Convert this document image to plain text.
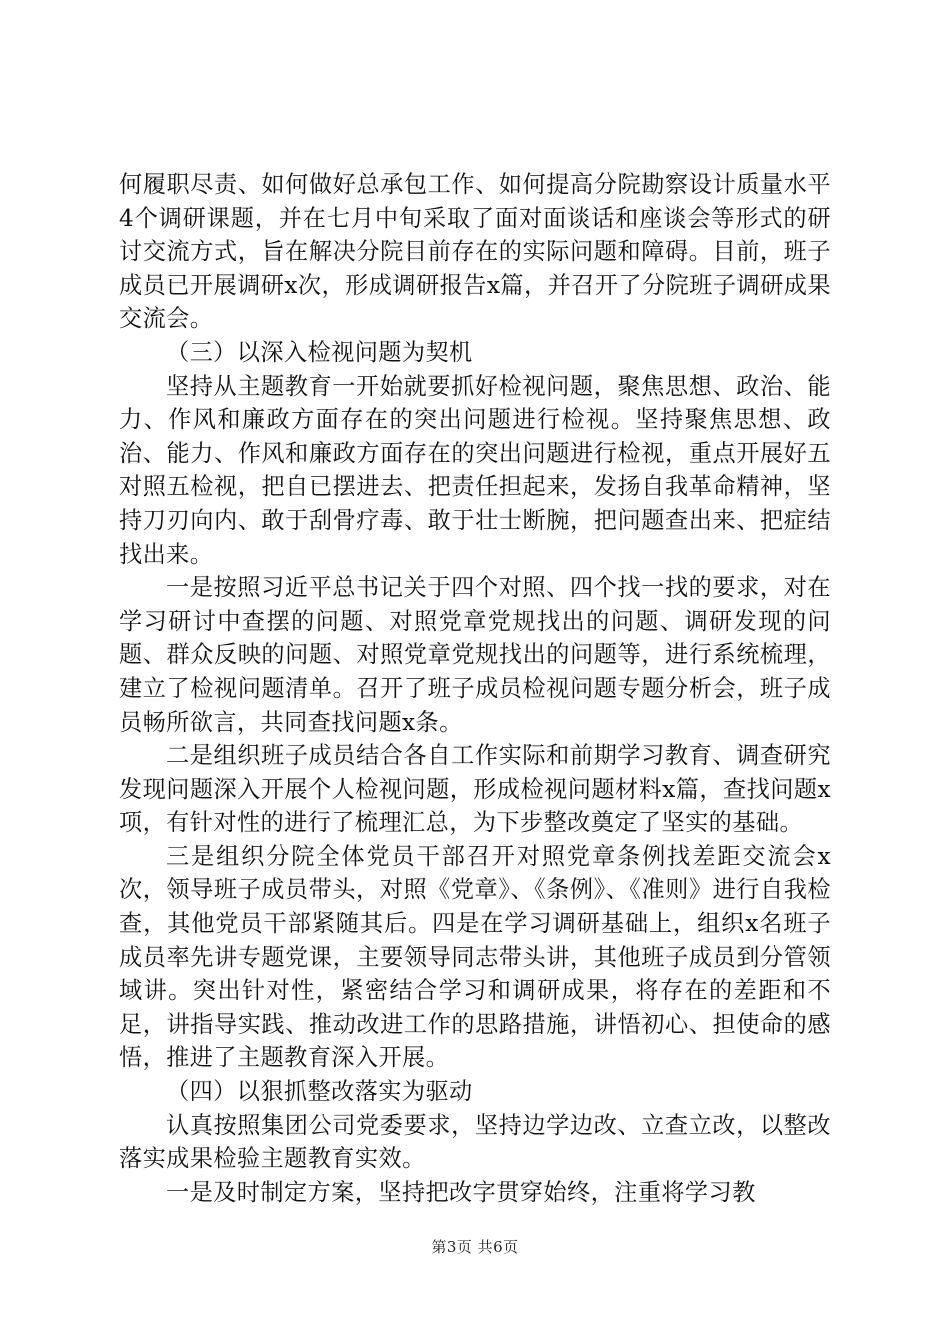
何履职尽责、如何做好总承包工作、如何提高分院勘察设计质量水平4个调研课题，并在七月中旬采取了面对面谈话和座谈会等形式的研讨交流方式，旨在解决分院目前存在的实际问题和障碍。目前，班子成员已开展调研x次，形成调研报告x篇，并召开了分院班子调研成果交流会。

（三）以深入检视问题为契机

坚持从主题教育一开始就要抓好检视问题，聚焦思想、政治、能力、作风和廉政方面存在的突出问题进行检视。坚持聚焦思想、政治、能力、作风和廉政方面存在的突出问题进行检视，重点开展好五对照五检视，把自已摆进去、把责任担起来，发扬自我革命精神，坚持刀刃向内、敢于刮骨疗毒、敢于壮士断腕，把问题查出来、把症结找出来。

一是按照习近平总书记关于四个对照、四个找一找的要求，对在学习研讨中查摆的问题、对照党章党规找出的问题、调研发现的问题、群众反映的问题、对照党章党规找出的问题等，进行系统梳理，建立了检视问题清单。召开了班子成员检视问题专题分析会，班子成员畅所欲言，共同查找问题x条。

二是组织班子成员结合各自工作实际和前期学习教育、调查研究发现问题深入开展个人检视问题，形成检视问题材料x篇，查找问题x项，有针对性的进行了梳理汇总，为下步整改奠定了坚实的基础。

三是组织分院全体党员干部召开对照党章条例找差距交流会x次，领导班子成员带头，对照《党章》、《条例》、《准则》进行自我检查，其他党员干部紧随其后。四是在学习调研基础上，组织x名班子成员率先讲专题党课，主要领导同志带头讲，其他班子成员到分管领域讲。突出针对性，紧密结合学习和调研成果，将存在的差距和不足，讲指导实践、推动改进工作的思路措施，讲悟初心、担使命的感悟，推进了主题教育深入开展。

（四）以狠抓整改落实为驱动

认真按照集团公司党委要求，坚持边学边改、立查立改，以整改落实成果检验主题教育实效。

一是及时制定方案，坚持把改字贯穿始终，注重将学习教

第3页 共6页
